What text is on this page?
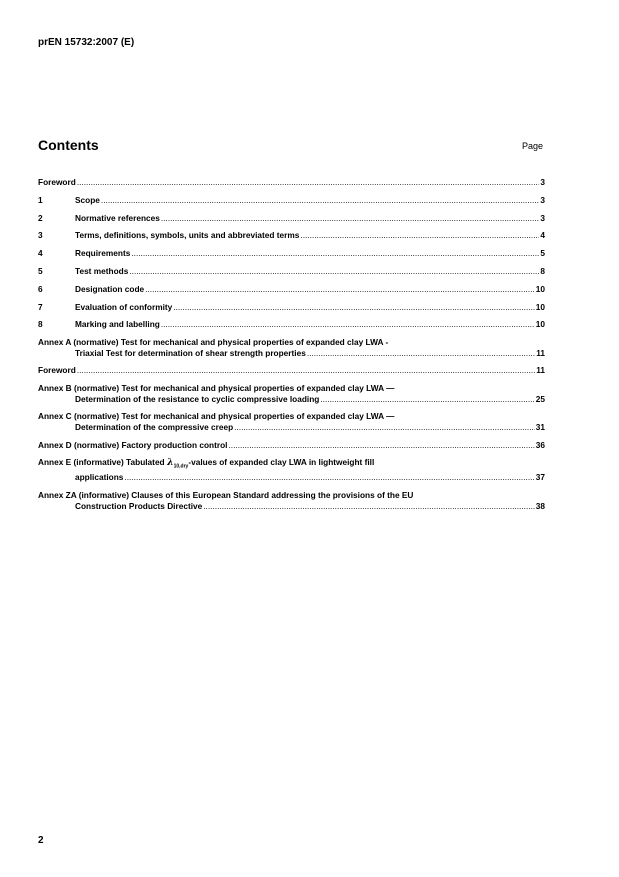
prEN 15732:2007 (E)
Contents	Page
Foreword .....	3
1	Scope .....	3
2	Normative references .....	3
3	Terms, definitions, symbols, units and abbreviated terms .....	4
4	Requirements .....	5
5	Test methods .....	8
6	Designation code .....	10
7	Evaluation of conformity .....	10
8	Marking and labelling .....	10
Annex A (normative) Test for mechanical and physical properties of expanded clay LWA -
Triaxial Test for determination of shear strength properties .....	11
Foreword .....	11
Annex B (normative) Test for mechanical and physical properties of expanded clay LWA —
Determination of the resistance to cyclic compressive loading .....	25
Annex C (normative) Test for mechanical and physical properties of expanded clay LWA —
Determination of the compressive creep .....	31
Annex D (normative) Factory production control .....	36
Annex E (informative) Tabulated $\lambda_{10,dry}$-values of expanded clay LWA in lightweight fill
applications .....	37
Annex ZA (informative) Clauses of this European Standard addressing the provisions of the EU
Construction Products Directive .....	38
2
